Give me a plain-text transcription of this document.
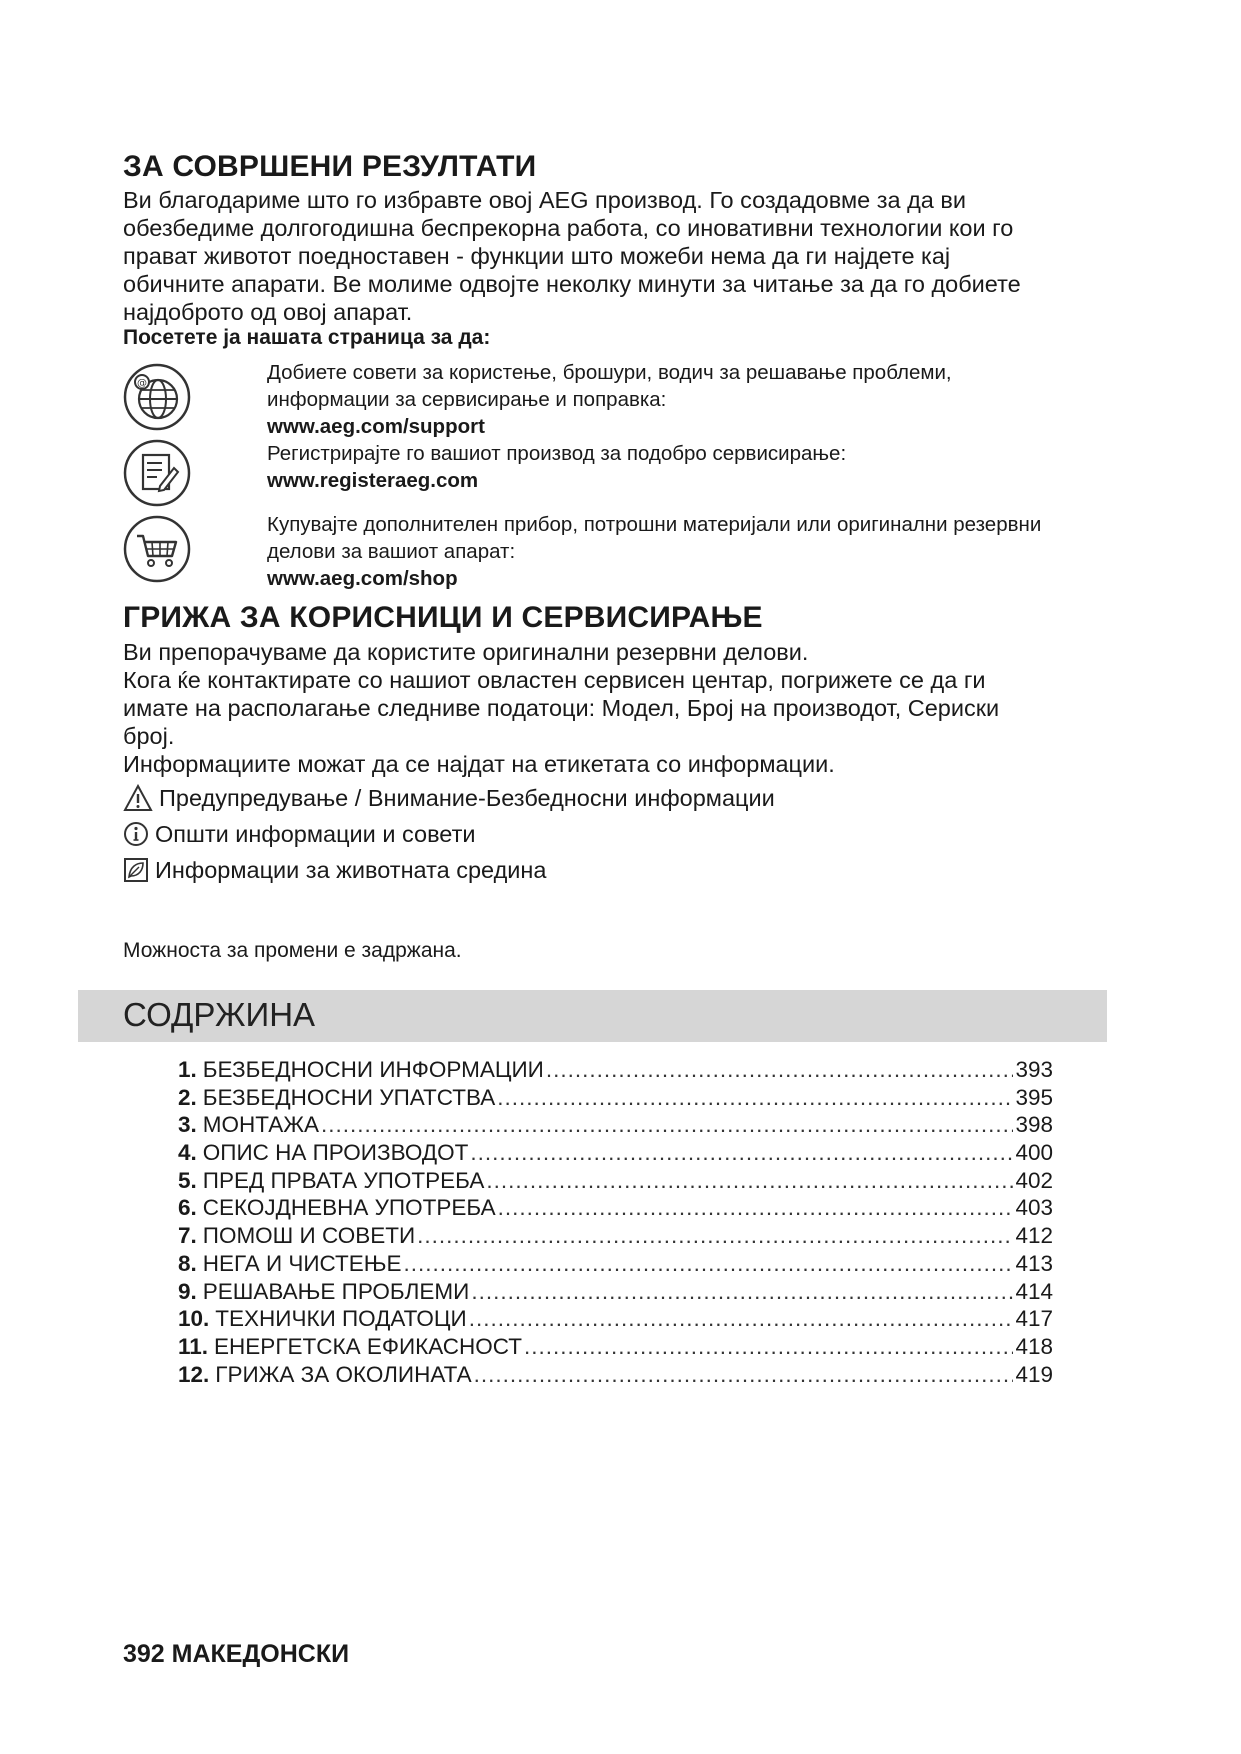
ЗА СОВРШЕНИ РЕЗУЛТАТИ

Ви благодариме што го избравте овој AEG производ. Го создадовме за да ви

обезбедиме долгогодишна беспрекорна работа, со иновативни технологии кои го

прават животот поедноставен - функции што можеби нема да ги најдете кај

обичните апарати. Ве молиме одвојте неколку минути за читање за да го добиете

најдоброто од овој апарат.

Посетете ја нашата страница за да:
@	Добиете совети за користење, брошури, водич за решавање проблеми,

информации за сервисирање и поправка:

www.aeg.com/support

Регистрирајте го вашиот производ за подобро сервисирање:

www.registeraeg.com

Купувајте дополнителен прибор, потрошни материјали или оригинални резервни

делови за вашиот апарат:

www.aeg.com/shop

ГРИЖА ЗА КОРИСНИЦИ И СЕРВИСИРАЊЕ

Ви препорачуваме да користите оригинални резервни делови.

Кога ќе контактирате со нашиот овластен сервисен центар, погрижете се да ги

имате на располагање следниве податоци: Модел, Број на производот, Сериски

број.

Информациите можат да се најдат на етикетата со информации.

Предупредување / Внимание-Безбедносни информации
Општи информации и совети
Информации за животната средина
Можноста за промени е задржана.
СОДРЖИНА
1. БЕЗБЕДНОСНИ ИНФОРМАЦИИ .....	393
2. БЕЗБЕДНОСНИ УПАТСТВА .....	395
3. МОНТАЖА .....	398
4. ОПИС НА ПРОИЗВОДОТ .....	400
5. ПРЕД ПРВАТА УПОТРЕБА .....	402
6. СЕКОЈДНЕВНА УПОТРЕБА .....	403
7. ПОМОШ И СОВЕТИ .....	412
8. НЕГА И ЧИСТЕЊЕ .....	413
9. РЕШАВАЊЕ ПРОБЛЕМИ .....	414
10. ТЕХНИЧКИ ПОДАТОЦИ .....	417
11. ЕНЕРГЕТСКА ЕФИКАСНОСТ .....	418
12. ГРИЖА ЗА ОКОЛИНАТА .....	419
392 МАКЕДОНСКИ
